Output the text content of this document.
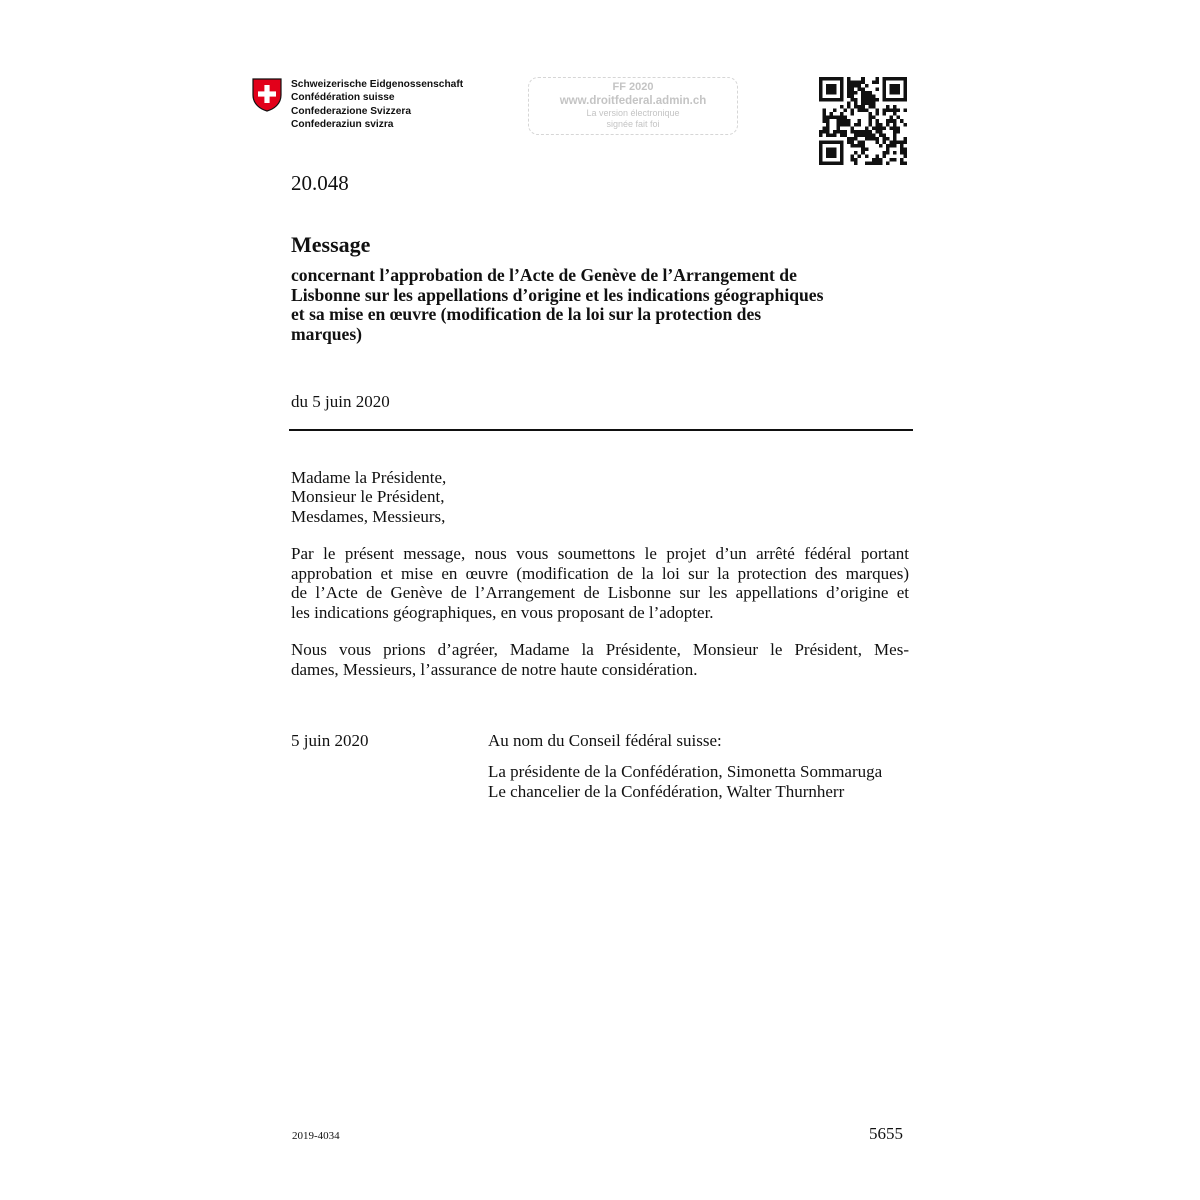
Schweizerische Eidgenossenschaft
Confédération suisse
Confederazione Svizzera
Confederaziun svizra
FF 2020
www.droitfederal.admin.ch
La version électronique
signée fait foi
20.048
Message
concernant l’approbation de l’Acte de Genève de l’Arrangement de
Lisbonne sur les appellations d’origine et les indications géographiques
et sa mise en œuvre (modification de la loi sur la protection des
marques)
du 5 juin 2020
Madame la Présidente,
Monsieur le Président,
Mesdames, Messieurs,
Par le présent message, nous vous soumettons le projet d’un arrêté fédéral portant
approbation et mise en œuvre (modification de la loi sur la protection des marques)
de l’Acte de Genève de l’Arrangement de Lisbonne sur les appellations d’origine et
les indications géographiques, en vous proposant de l’adopter.
Nous vous prions d’agréer, Madame la Présidente, Monsieur le Président, Mes-
dames, Messieurs, l’assurance de notre haute considération.
5 juin 2020	Au nom du Conseil fédéral suisse:
La présidente de la Confédération, Simonetta Sommaruga
Le chancelier de la Confédération, Walter Thurnherr
2019-4034	5655
